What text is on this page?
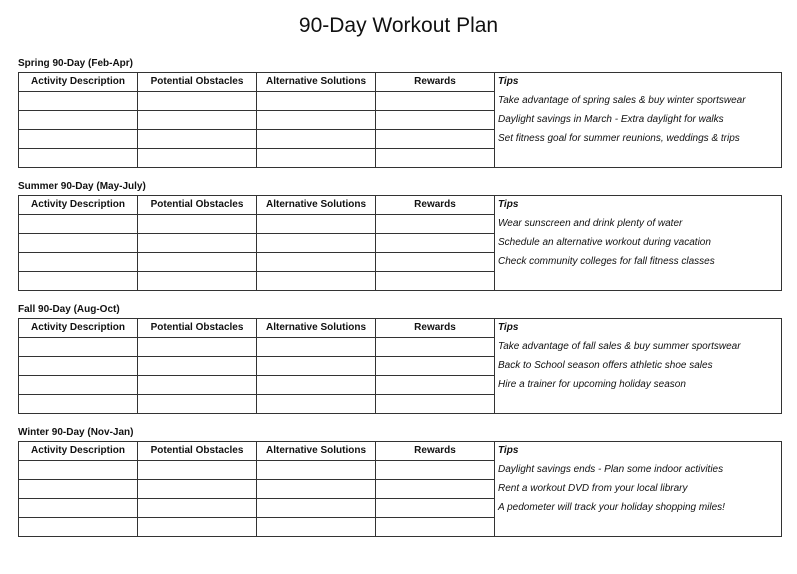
90-Day Workout Plan
Spring 90-Day (Feb-Apr)
Activity Description	Potential Obstacles	Alternative Solutions	Rewards	Tips
				Take advantage of spring sales & buy winter sportswear
				Daylight savings in March - Extra daylight for walks
				Set fitness goal for summer reunions, weddings & trips

Summer 90-Day (May-July)
Activity Description	Potential Obstacles	Alternative Solutions	Rewards	Tips
				Wear sunscreen and drink plenty of water
				Schedule an alternative workout during vacation
				Check community colleges for fall fitness classes

Fall 90-Day (Aug-Oct)
Activity Description	Potential Obstacles	Alternative Solutions	Rewards	Tips
				Take advantage of fall sales & buy summer sportswear
				Back to School season offers athletic shoe sales
				Hire a trainer for upcoming holiday season

Winter 90-Day (Nov-Jan)
Activity Description	Potential Obstacles	Alternative Solutions	Rewards	Tips
				Daylight savings ends - Plan some indoor activities
				Rent a workout DVD from your local library
				A pedometer will track your holiday shopping miles!
